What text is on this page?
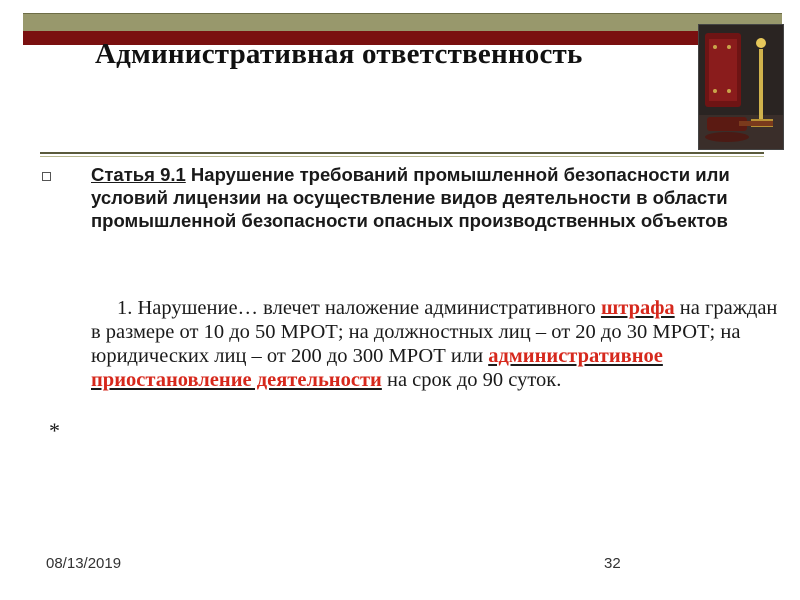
Административная ответственность
Статья 9.1 Нарушение требований промышленной безопасности или условий лицензии на осуществление видов деятельности в области промышленной безопасности опасных производственных объектов
1. Нарушение… влечет наложение административного штрафа на граждан в размере от 10 до 50 МРОТ; на должностных лиц – от 20 до 30 МРОТ; на юридических лиц – от 200 до 300 МРОТ или административное приостановление деятельности на срок до 90 суток.
*
08/13/2019	32
